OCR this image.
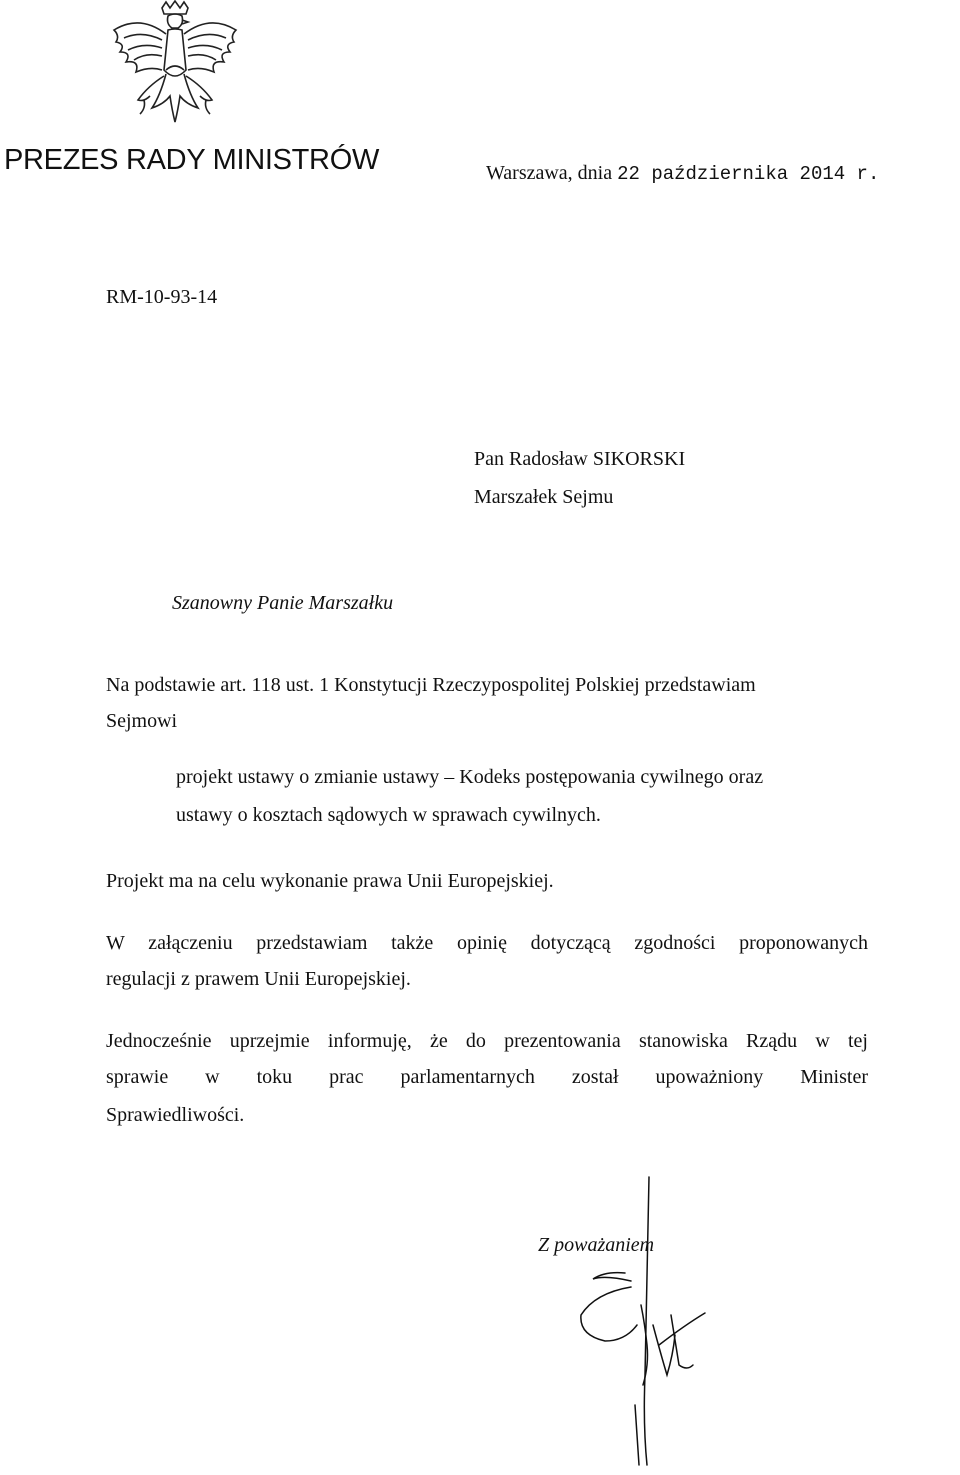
PREZES RADY MINISTRÓW	Warszawa, dnia 22 października 2014 r.
RM-10-93-14
Pan Radosław SIKORSKI
Marszałek Sejmu
Szanowny Panie Marszałku
Na podstawie art. 118 ust. 1 Konstytucji Rzeczypospolitej Polskiej przedstawiam
Sejmowi
projekt ustawy o zmianie ustawy – Kodeks postępowania cywilnego oraz
ustawy o kosztach sądowych w sprawach cywilnych.
Projekt ma na celu wykonanie prawa Unii Europejskiej.
W załączeniu przedstawiam także opinię dotyczącą zgodności proponowanych
regulacji z prawem Unii Europejskiej.
Jednocześnie uprzejmie informuję, że do prezentowania stanowiska Rządu w tej
sprawie w toku prac parlamentarnych został upoważniony Minister
Sprawiedliwości.
Z poważaniem
